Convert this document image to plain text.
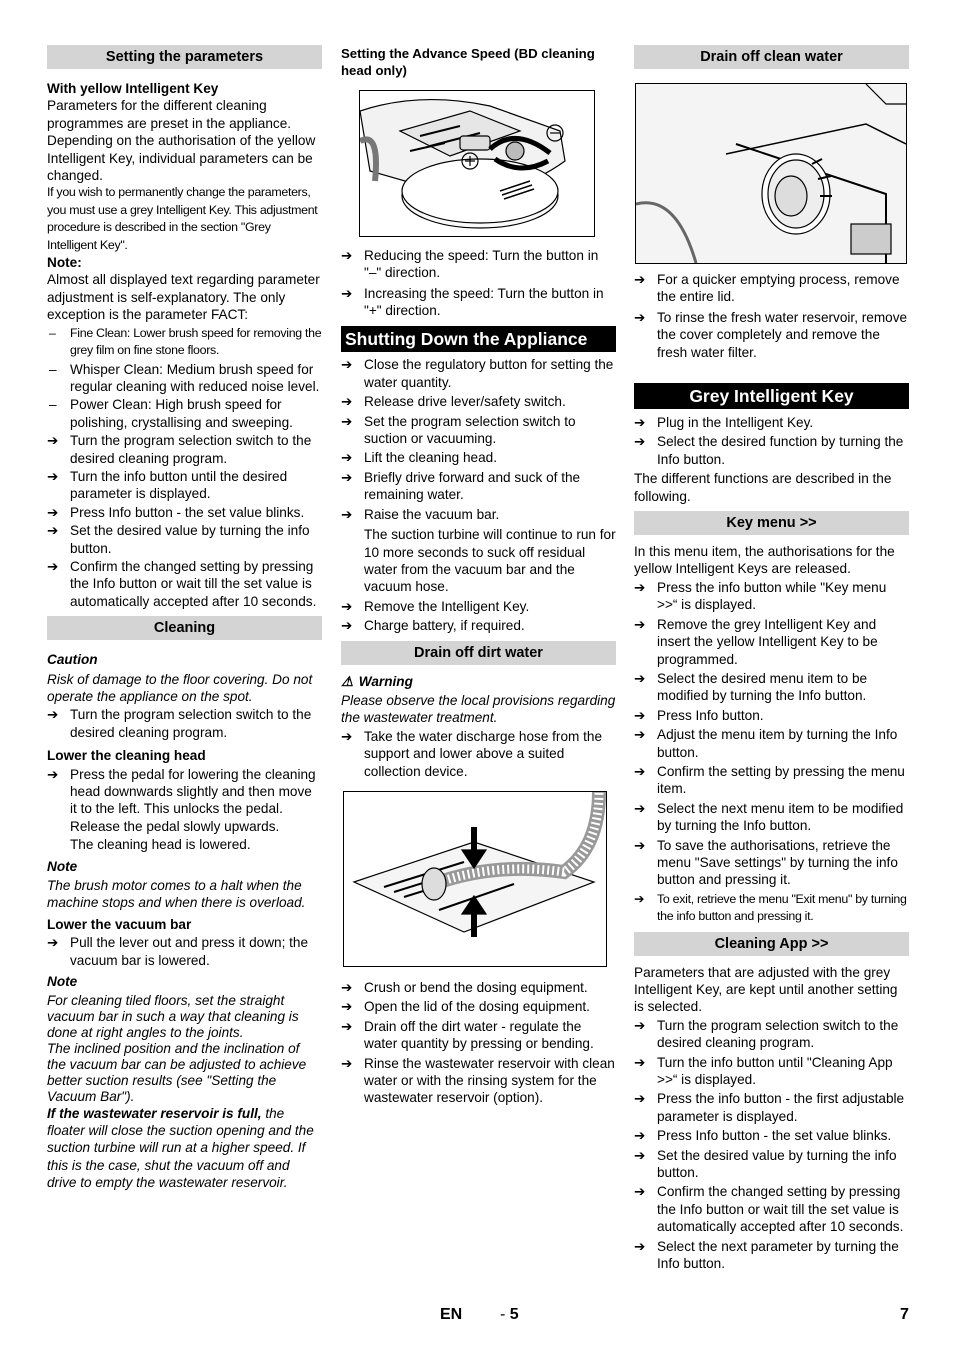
Setting the parameters

With yellow Intelligent Key

Parameters for the different cleaning programmes are preset in the appliance. Depending on the authorisation of the yellow Intelligent Key, individual parameters can be changed.

If you wish to permanently change the parameters, you must use a grey Intelligent Key. This adjustment procedure is described in the section "Grey Intelligent Key".

Note:

Almost all displayed text regarding parameter adjustment is self-explanatory. The only exception is the parameter FACT:

–	Fine Clean: Lower brush speed for removing the grey film on fine stone floors.
– Whisper Clean: Medium brush speed for regular cleaning with reduced noise level.
– Power Clean: High brush speed for polishing, crystallising and sweeping.
➔ Turn the program selection switch to the desired cleaning program.
➔ Turn the info button until the desired parameter is displayed.
➔ Press Info button - the set value blinks.
➔ Set the desired value by turning the info button.
➔ Confirm the changed setting by pressing the Info button or wait till the set value is automatically accepted after 10 seconds.
Cleaning

Caution

Risk of damage to the floor covering. Do not operate the appliance on the spot.

➔ Turn the program selection switch to the desired cleaning program.

Lower the cleaning head

➔ Press the pedal for lowering the cleaning head downwards slightly and then move it to the left. This unlocks the pedal. Release the pedal slowly upwards.

The cleaning head is lowered.

Note

The brush motor comes to a halt when the machine stops and when there is overload.

Lower the vacuum bar

➔ Pull the lever out and press it down; the vacuum bar is lowered.

Note

For cleaning tiled floors, set the straight vacuum bar in such a way that cleaning is done at right angles to the joints.

The inclined position and the inclination of the vacuum bar can be adjusted to achieve better suction results (see "Setting the Vacuum Bar").

If the wastewater reservoir is full, the floater will close the suction opening and the suction turbine will run at a higher speed. If this is the case, shut the vacuum off and drive to empty the wastewater reservoir.

Setting the Advance Speed (BD cleaning head only)

➔ Reducing the speed: Turn the button in "–" direction.
➔ Increasing the speed: Turn the button in "+" direction.
Shutting Down the Appliance
➔ Close the regulatory button for setting the water quantity.
➔ Release drive lever/safety switch.
➔ Set the program selection switch to suction or vacuuming.
➔ Lift the cleaning head.
➔ Briefly drive forward and suck of the remaining water.
➔ Raise the vacuum bar.

The suction turbine will continue to run for 10 more seconds to suck off residual water from the vacuum bar and the vacuum hose.

➔ Remove the Intelligent Key.
➔ Charge battery, if required.
Drain off dirt water

⚠ Warning

Please observe the local provisions regarding the wastewater treatment.

➔ Take the water discharge hose from the support and lower above a suited collection device.
➔ Crush or bend the dosing equipment.
➔ Open the lid of the dosing equipment.
➔ Drain off the dirt water - regulate the water quantity by pressing or bending.
➔ Rinse the wastewater reservoir with clean water or with the rinsing system for the wastewater reservoir (option).
Drain off clean water
➔ For a quicker emptying process, remove the entire lid.
➔ To rinse the fresh water reservoir, remove the cover completely and remove the fresh water filter.
Grey Intelligent Key
➔ Plug in the Intelligent Key.
➔ Select the desired function by turning the Info button.

The different functions are described in the following.

Key menu >>

In this menu item, the authorisations for the yellow Intelligent Keys are released.

➔ Press the info button while "Key menu >>“ is displayed.
➔ Remove the grey Intelligent Key and insert the yellow Intelligent Key to be programmed.
➔ Select the desired menu item to be modified by turning the Info button.
➔ Press Info button.
➔ Adjust the menu item by turning the Info button.
➔ Confirm the setting by pressing the menu item.
➔ Select the next menu item to be modified by turning the Info button.
➔ To save the authorisations, retrieve the menu "Save settings" by turning the info button and pressing it.
➔	To exit, retrieve the menu "Exit menu" by turning the info button and pressing it.
Cleaning App >>

Parameters that are adjusted with the grey Intelligent Key, are kept until another setting is selected.

➔ Turn the program selection switch to the desired cleaning program.
➔ Turn the info button until "Cleaning App >>“ is displayed.
➔ Press the info button - the first adjustable parameter is displayed.
➔ Press Info button - the set value blinks.
➔ Set the desired value by turning the info button.
➔ Confirm the changed setting by pressing the Info button or wait till the set value is automatically accepted after 10 seconds.
➔ Select the next parameter by turning the Info button.
EN - 5	7
